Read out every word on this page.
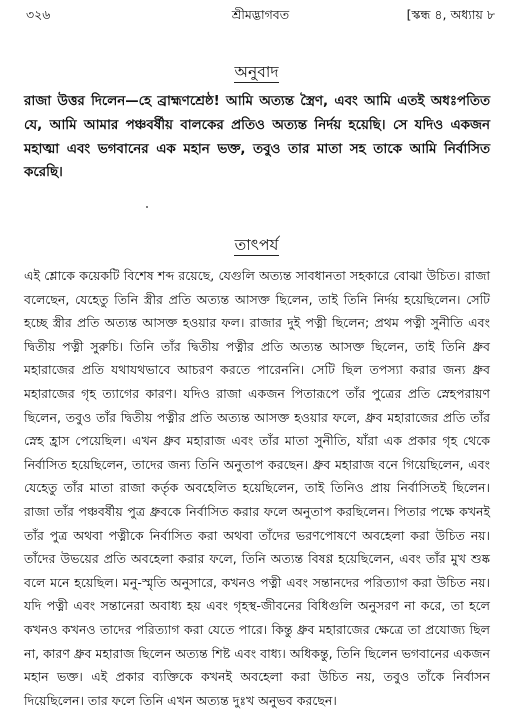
৩২৬	শ্রীমদ্ভাগবত	[স্কন্ধ ৪, অধ্যায় ৮
অনুবাদ

রাজা উত্তর দিলেন—হে ব্রাহ্মণশ্রেষ্ঠ! আমি অত্যন্ত স্ত্রৈণ, এবং আমি এতই অধঃপতিত যে, আমি আমার পঞ্চবর্ষীয় বালকের প্রতিও অত্যন্ত নির্দয় হয়েছি। সে যদিও একজন মহাত্মা এবং ভগবানের এক মহান ভক্ত, তবুও তার মাতা সহ তাকে আমি নির্বাসিত করেছি।

তাৎপর্য

এই শ্লোকে কয়েকটি বিশেষ শব্দ রয়েছে, যেগুলি অত্যন্ত সাবধানতা সহকারে বোঝা উচিত। রাজা বলেছেন, যেহেতু তিনি স্ত্রীর প্রতি অত্যন্ত আসক্ত ছিলেন, তাই তিনি নির্দয় হয়েছিলেন। সেটি হচ্ছে স্ত্রীর প্রতি অত্যন্ত আসক্ত হওয়ার ফল। রাজার দুই পত্নী ছিলেন; প্রথম পত্নী সুনীতি এবং দ্বিতীয় পত্নী সুরুচি। তিনি তাঁর দ্বিতীয় পত্নীর প্রতি অত্যন্ত আসক্ত ছিলেন, তাই তিনি ধ্রুব মহারাজের প্রতি যথাযথভাবে আচরণ করতে পারেননি। সেটি ছিল তপস্যা করার জন্য ধ্রুব মহারাজের গৃহ ত্যাগের কারণ। যদিও রাজা একজন পিতারূপে তাঁর পুত্রের প্রতি স্নেহপরায়ণ ছিলেন, তবুও তাঁর দ্বিতীয় পত্নীর প্রতি অত্যন্ত আসক্ত হওয়ার ফলে, ধ্রুব মহারাজের প্রতি তাঁর স্নেহ হ্রাস পেয়েছিল। এখন ধ্রুব মহারাজ এবং তাঁর মাতা সুনীতি, যাঁরা এক প্রকার গৃহ থেকে নির্বাসিত হয়েছিলেন, তাদের জন্য তিনি অনুতাপ করছেন। ধ্রুব মহারাজ বনে গিয়েছিলেন, এবং যেহেতু তাঁর মাতা রাজা কর্তৃক অবহেলিত হয়েছিলেন, তাই তিনিও প্রায় নির্বাসিতই ছিলেন। রাজা তাঁর পঞ্চবর্ষীয় পুত্র ধ্রুবকে নির্বাসিত করার ফলে অনুতাপ করছিলেন। পিতার পক্ষে কখনই তাঁর পুত্র অথবা পত্নীকে নির্বাসিত করা অথবা তাঁদের ভরণপোষণে অবহেলা করা উচিত নয়। তাঁদের উভয়ের প্রতি অবহেলা করার ফলে, তিনি অত্যন্ত বিষণ্ণ হয়েছিলেন, এবং তাঁর মুখ শুষ্ক বলে মনে হয়েছিল। মনু-স্মৃতি অনুসারে, কখনও পত্নী এবং সন্তানদের পরিত্যাগ করা উচিত নয়। যদি পত্নী এবং সন্তানেরা অবাধ্য হয় এবং গৃহস্থ-জীবনের বিধিগুলি অনুসরণ না করে, তা হলে কখনও কখনও তাদের পরিত্যাগ করা যেতে পারে। কিন্তু ধ্রুব মহারাজের ক্ষেত্রে তা প্রযোজ্য ছিল না, কারণ ধ্রুব মহারাজ ছিলেন অত্যন্ত শিষ্ট এবং বাধ্য। অধিকন্তু, তিনি ছিলেন ভগবানের একজন মহান ভক্ত। এই প্রকার ব্যক্তিকে কখনই অবহেলা করা উচিত নয়, তবুও তাঁকে নির্বাসন দিয়েছিলেন। তার ফলে তিনি এখন অত্যন্ত দুঃখ অনুভব করছেন।
